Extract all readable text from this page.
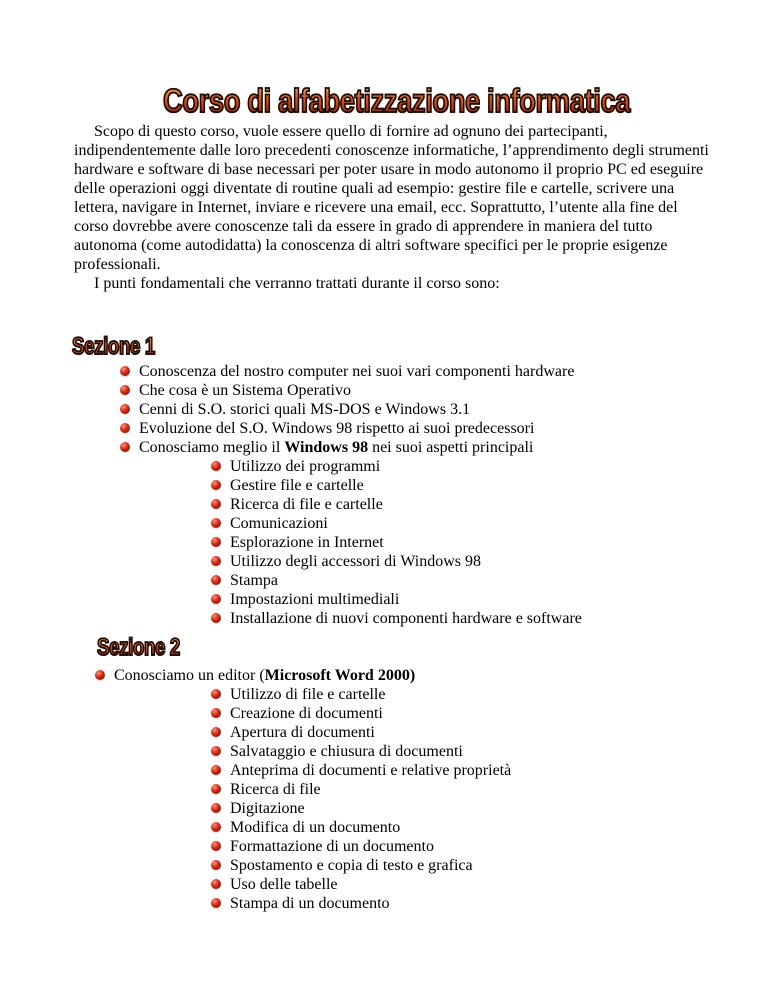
Corso di alfabetizzazione informatica

Scopo di questo corso, vuole essere quello di fornire ad ognuno dei partecipanti, indipendentemente dalle loro precedenti conoscenze informatiche, l’apprendimento degli strumenti hardware e software di base necessari per poter usare in modo autonomo il proprio PC ed eseguire delle operazioni oggi diventate di routine quali ad esempio: gestire file e cartelle, scrivere una lettera, navigare in Internet, inviare e ricevere una email, ecc. Soprattutto, l’utente alla fine del corso dovrebbe avere conoscenze tali da essere in grado di apprendere in maniera del tutto autonoma (come autodidatta) la conoscenza di altri software specifici per le proprie esigenze professionali.

I punti fondamentali che verranno trattati durante il corso sono:

Sezione 1
Conoscenza del nostro computer nei suoi vari componenti hardware
Che cosa è un Sistema Operativo
Cenni di S.O. storici quali MS-DOS e Windows 3.1
Evoluzione del S.O. Windows 98 rispetto ai suoi predecessori
Conosciamo meglio il Windows 98 nei suoi aspetti principali
Utilizzo dei programmi
Gestire file e cartelle
Ricerca di file e cartelle
Comunicazioni
Esplorazione in Internet
Utilizzo degli accessori di Windows 98
Stampa
Impostazioni multimediali
Installazione di nuovi componenti hardware e software
Sezione 2
Conosciamo un editor (Microsoft Word 2000)
Utilizzo di file e cartelle
Creazione di documenti
Apertura di documenti
Salvataggio e chiusura di documenti
Anteprima di documenti e relative proprietà
Ricerca di file
Digitazione
Modifica di un documento
Formattazione di un documento
Spostamento e copia di testo e grafica
Uso delle tabelle
Stampa di un documento
